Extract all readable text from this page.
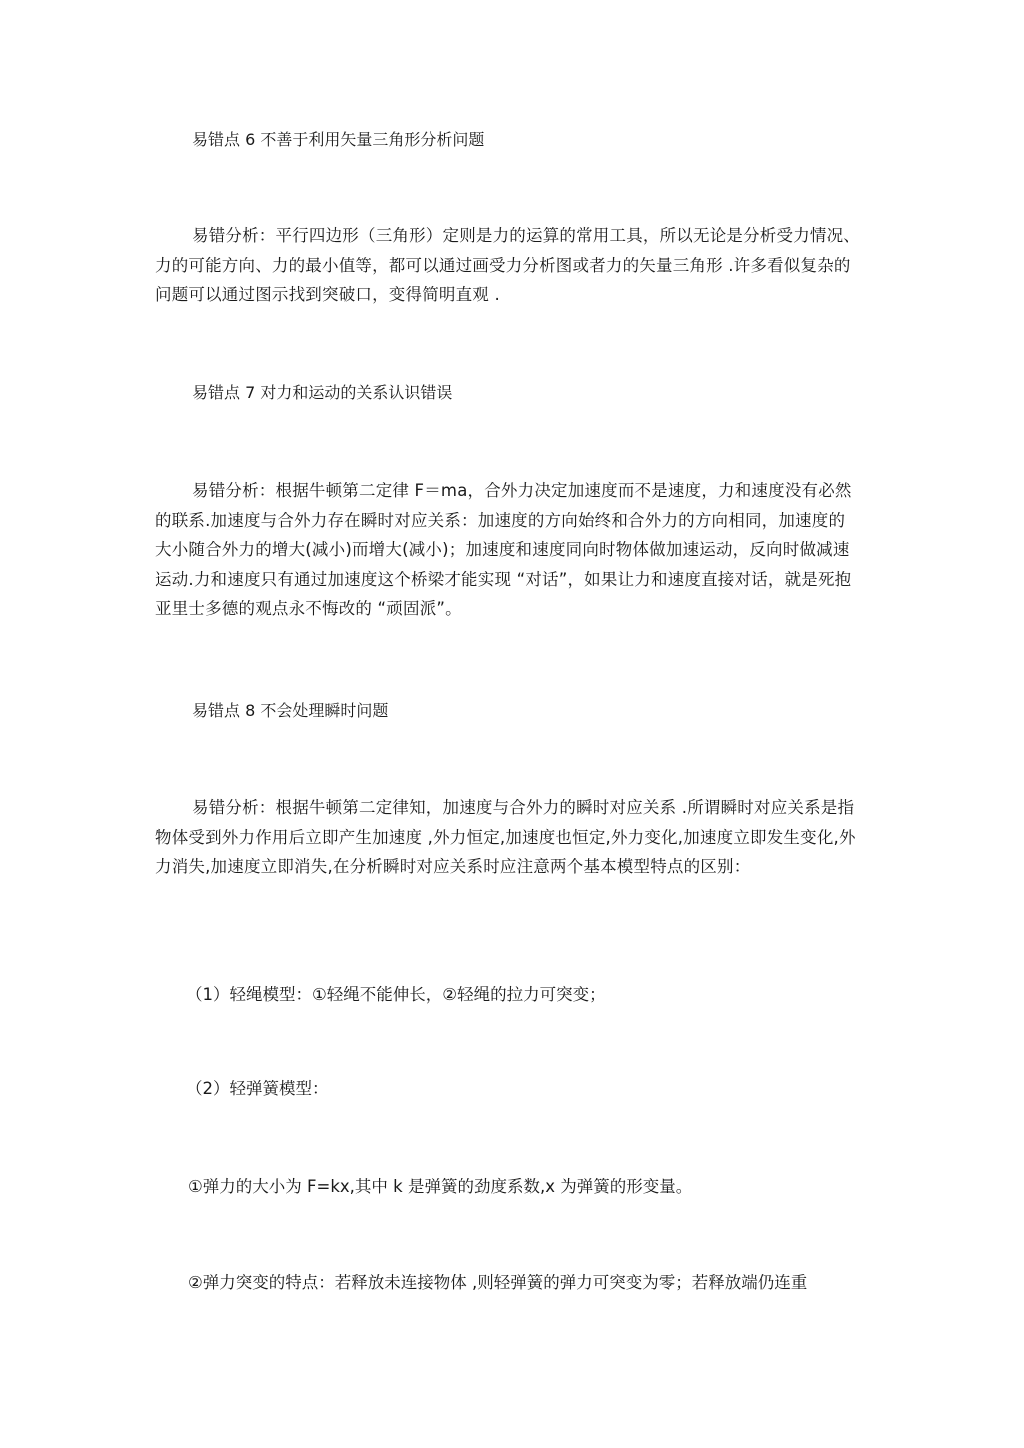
易错点 6 不善于利用矢量三角形分析问题
易错分析：平行四边形（三角形）定则是力的运算的常用工具，所以无论是分析受力情况、力的可能方向、力的最小值等，都可以通过画受力分析图或者力的矢量三角形 .许多看似复杂的问题可以通过图示找到突破口，变得简明直观 .
易错点 7 对力和运动的关系认识错误
易错分析：根据牛顿第二定律 F＝ma，合外力决定加速度而不是速度，力和速度没有必然的联系.加速度与合外力存在瞬时对应关系：加速度的方向始终和合外力的方向相同，加速度的大小随合外力的增大(减小)而增大(减小)；加速度和速度同向时物体做加速运动，反向时做减速运动.力和速度只有通过加速度这个桥梁才能实现 “对话”，如果让力和速度直接对话，就是死抱亚里士多德的观点永不悔改的 “顽固派”。
易错点 8 不会处理瞬时问题
易错分析：根据牛顿第二定律知，加速度与合外力的瞬时对应关系 .所谓瞬时对应关系是指物体受到外力作用后立即产生加速度 ,外力恒定,加速度也恒定,外力变化,加速度立即发生变化,外力消失,加速度立即消失,在分析瞬时对应关系时应注意两个基本模型特点的区别：
（1）轻绳模型：①轻绳不能伸长，②轻绳的拉力可突变；
（2）轻弹簧模型：
①弹力的大小为 F=kx,其中 k 是弹簧的劲度系数,x 为弹簧的形变量。
②弹力突变的特点：若释放未连接物体 ,则轻弹簧的弹力可突变为零；若释放端仍连重
